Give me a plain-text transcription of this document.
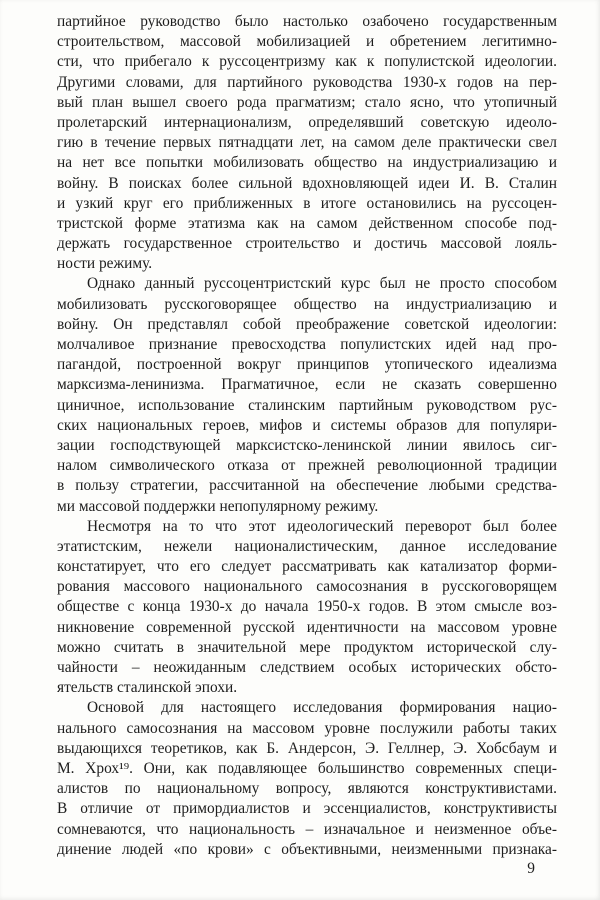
партийное руководство было настолько озабочено государственным
строительством, массовой мобилизацией и обретением легитимно-
сти, что прибегало к руссоцентризму как к популистской идеологии.
Другими словами, для партийного руководства 1930-х годов на пер-
вый план вышел своего рода прагматизм; стало ясно, что утопичный
пролетарский интернационализм, определявший советскую идеоло-
гию в течение первых пятнадцати лет, на самом деле практически свел
на нет все попытки мобилизовать общество на индустриализацию и
войну. В поисках более сильной вдохновляющей идеи И. В. Сталин
и узкий круг его приближенных в итоге остановились на руссоцен-
тристской форме этатизма как на самом действенном способе под-
держать государственное строительство и достичь массовой лояль-
ности режиму.
Однако данный руссоцентристский курс был не просто способом
мобилизовать русскоговорящее общество на индустриализацию и
войну. Он представлял собой преображение советской идеологии:
молчаливое признание превосходства популистских идей над про-
пагандой, построенной вокруг принципов утопического идеализма
марксизма-ленинизма. Прагматичное, если не сказать совершенно
циничное, использование сталинским партийным руководством рус-
ских национальных героев, мифов и системы образов для популяри-
зации господствующей марксистско-ленинской линии явилось сиг-
налом символического отказа от прежней революционной традиции
в пользу стратегии, рассчитанной на обеспечение любыми средства-
ми массовой поддержки непопулярному режиму.
Несмотря на то что этот идеологический переворот был более
этатистским, нежели националистическим, данное исследование
констатирует, что его следует рассматривать как катализатор форми-
рования массового национального самосознания в русскоговорящем
обществе с конца 1930-х до начала 1950-х годов. В этом смысле воз-
никновение современной русской идентичности на массовом уровне
можно считать в значительной мере продуктом исторической слу-
чайности – неожиданным следствием особых исторических обсто-
ятельств сталинской эпохи.
Основой для настоящего исследования формирования нацио-
нального самосознания на массовом уровне послужили работы таких
выдающихся теоретиков, как Б. Андерсон, Э. Геллнер, Э. Хобсбаум и
М. Хрох¹⁹. Они, как подавляющее большинство современных специ-
алистов по национальному вопросу, являются конструктивистами.
В отличие от примордиалистов и эссенциалистов, конструктивисты
сомневаются, что национальность – изначальное и неизменное объе-
динение людей «по крови» с объективными, неизменными признака-
9
